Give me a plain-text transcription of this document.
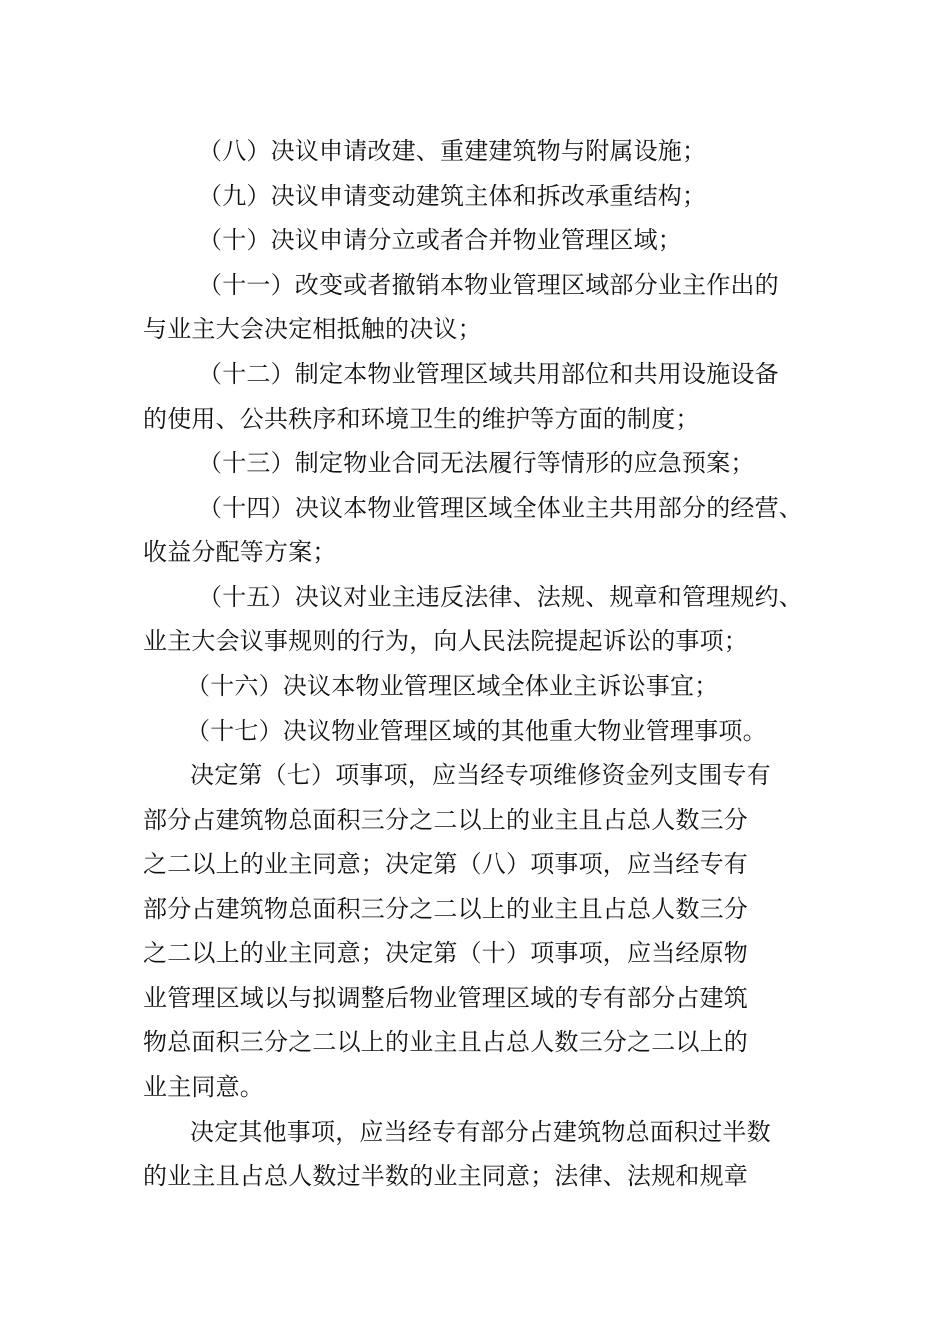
（八）决议申请改建、重建建筑物与附属设施；
（九）决议申请变动建筑主体和拆改承重结构；
（十）决议申请分立或者合并物业管理区域；
（十一）改变或者撤销本物业管理区域部分业主作出的
与业主大会决定相抵触的决议；
（十二）制定本物业管理区域共用部位和共用设施设备
的使用、公共秩序和环境卫生的维护等方面的制度；
（十三）制定物业合同无法履行等情形的应急预案；
（十四）决议本物业管理区域全体业主共用部分的经营、
收益分配等方案；
（十五）决议对业主违反法律、法规、规章和管理规约、
业主大会议事规则的行为，向人民法院提起诉讼的事项；
（十六）决议本物业管理区域全体业主诉讼事宜；
（十七）决议物业管理区域的其他重大物业管理事项。
决定第（七）项事项，应当经专项维修资金列支围专有
部分占建筑物总面积三分之二以上的业主且占总人数三分
之二以上的业主同意；决定第（八）项事项，应当经专有
部分占建筑物总面积三分之二以上的业主且占总人数三分
之二以上的业主同意；决定第（十）项事项，应当经原物
业管理区域以与拟调整后物业管理区域的专有部分占建筑
物总面积三分之二以上的业主且占总人数三分之二以上的
业主同意。
决定其他事项，应当经专有部分占建筑物总面积过半数
的业主且占总人数过半数的业主同意；法律、法规和规章
